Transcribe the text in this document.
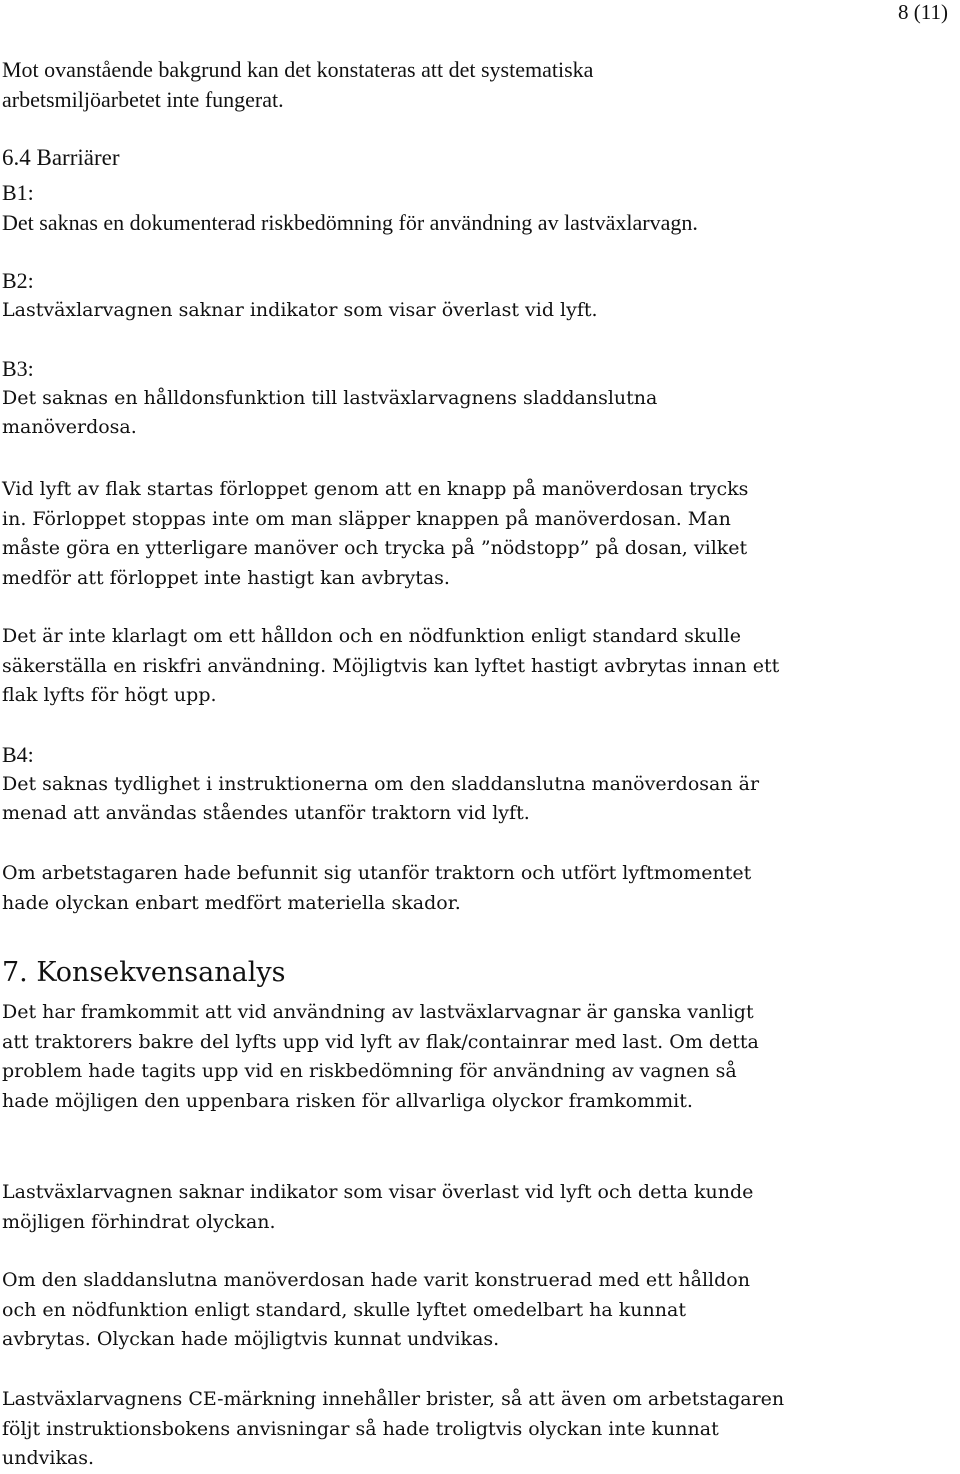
8 (11)

Mot ovanstående bakgrund kan det konstateras att det systematiska
arbetsmiljöarbetet inte fungerat.

6.4 Barriärer

B1:
Det saknas en dokumenterad riskbedömning för användning av lastväxlarvagn.
B2:
Lastväxlarvagnen saknar indikator som visar överlast vid lyft.
B3:
Det saknas en hålldonsfunktion till lastväxlarvagnens sladdanslutna
manöverdosa.

Vid lyft av flak startas förloppet genom att en knapp på manöverdosan trycks
in. Förloppet stoppas inte om man släpper knappen på manöverdosan. Man
måste göra en ytterligare manöver och trycka på ”nödstopp” på dosan, vilket
medför att förloppet inte hastigt kan avbrytas.

Det är inte klarlagt om ett hålldon och en nödfunktion enligt standard skulle
säkerställa en riskfri användning. Möjligtvis kan lyftet hastigt avbrytas innan ett
flak lyfts för högt upp.

B4:
Det saknas tydlighet i instruktionerna om den sladdanslutna manöverdosan är
menad att användas ståendes utanför traktorn vid lyft.

Om arbetstagaren hade befunnit sig utanför traktorn och utfört lyftmomentet
hade olyckan enbart medfört materiella skador.

7. Konsekvensanalys

Det har framkommit att vid användning av lastväxlarvagnar är ganska vanligt
att traktorers bakre del lyfts upp vid lyft av flak/containrar med last. Om detta
problem hade tagits upp vid en riskbedömning för användning av vagnen så
hade möjligen den uppenbara risken för allvarliga olyckor framkommit.

Lastväxlarvagnen saknar indikator som visar överlast vid lyft och detta kunde
möjligen förhindrat olyckan.

Om den sladdanslutna manöverdosan hade varit konstruerad med ett hålldon
och en nödfunktion enligt standard, skulle lyftet omedelbart ha kunnat
avbrytas. Olyckan hade möjligtvis kunnat undvikas.

Lastväxlarvagnens CE-märkning innehåller brister, så att även om arbetstagaren
följt instruktionsbokens anvisningar så hade troligtvis olyckan inte kunnat
undvikas.
